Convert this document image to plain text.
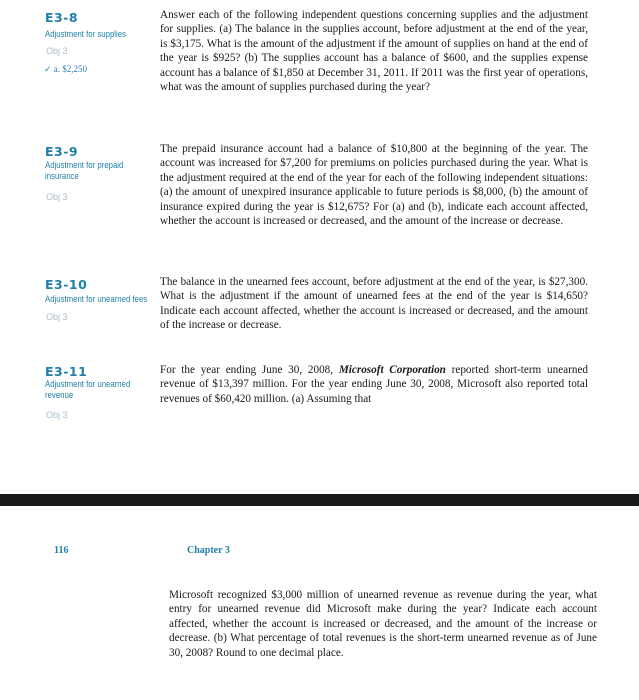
E3-8
Adjustment for supplies
Obj 3
✓ a. $2,250

Answer each of the following independent questions concerning supplies and the adjustment for supplies. (a) The balance in the supplies account, before adjustment at the end of the year, is $3,175. What is the amount of the adjustment if the amount of supplies on hand at the end of the year is $925? (b) The supplies account has a balance of $600, and the supplies expense account has a balance of $1,850 at December 31, 2011. If 2011 was the first year of operations, what was the amount of supplies purchased during the year?

E3-9
Adjustment for prepaid insurance
Obj 3

The prepaid insurance account had a balance of $10,800 at the beginning of the year. The account was increased for $7,200 for premiums on policies purchased during the year. What is the adjustment required at the end of the year for each of the following independent situations: (a) the amount of unexpired insurance applicable to future periods is $8,000, (b) the amount of insurance expired during the year is $12,675? For (a) and (b), indicate each account affected, whether the account is increased or decreased, and the amount of the increase or decrease.

E3-10
Adjustment for unearned fees
Obj 3

The balance in the unearned fees account, before adjustment at the end of the year, is $27,300. What is the adjustment if the amount of unearned fees at the end of the year is $14,650? Indicate each account affected, whether the account is increased or decreased, and the amount of the increase or decrease.

E3-11
Adjustment for unearned revenue
Obj 3

For the year ending June 30, 2008, Microsoft Corporation reported short-term unearned revenue of $13,397 million. For the year ending June 30, 2008, Microsoft also reported total revenues of $60,420 million. (a) Assuming that

116	Chapter 3

Microsoft recognized $3,000 million of unearned revenue as revenue during the year, what entry for unearned revenue did Microsoft make during the year? Indicate each account affected, whether the account is increased or decreased, and the amount of the increase or decrease. (b) What percentage of total revenues is the short-term unearned revenue as of June 30, 2008? Round to one decimal place.
